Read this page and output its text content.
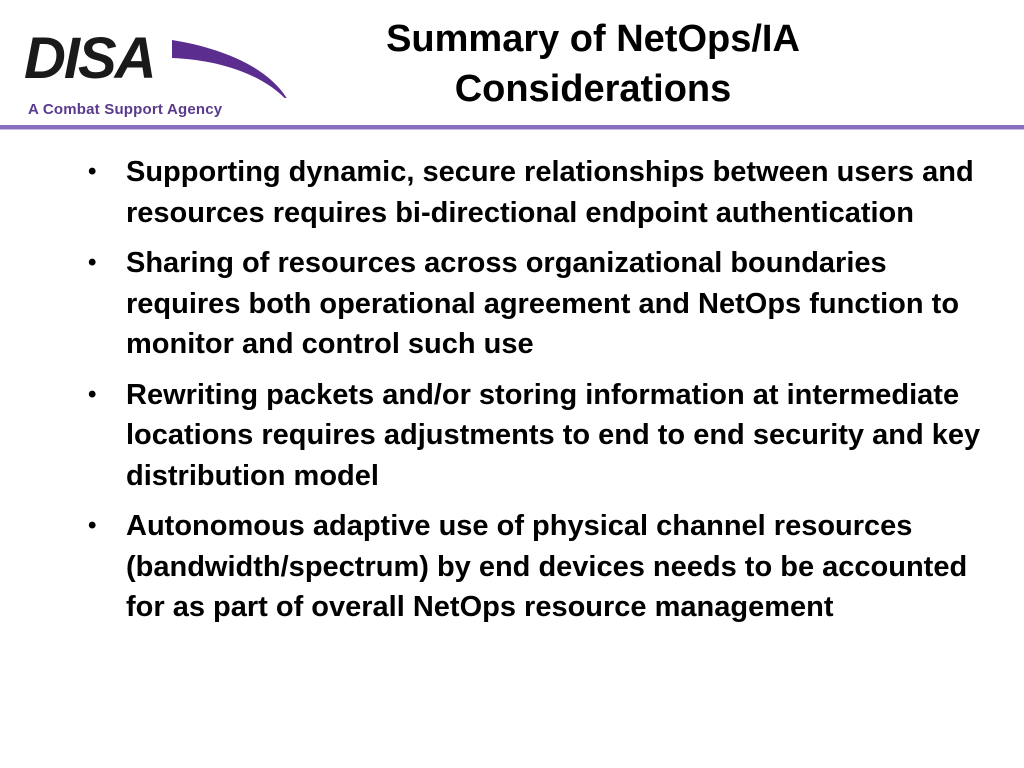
DISA
A Combat Support Agency
Summary of NetOps/IA
Considerations
• Supporting dynamic, secure relationships between users and resources requires bi-directional endpoint authentication
• Sharing of resources across organizational boundaries requires both operational agreement and NetOps function to monitor and control such use
• Rewriting packets and/or storing information at intermediate locations requires adjustments to end to end security and key distribution model
• Autonomous adaptive use of physical channel resources (bandwidth/spectrum) by end devices needs to be accounted for as part of overall NetOps resource management
